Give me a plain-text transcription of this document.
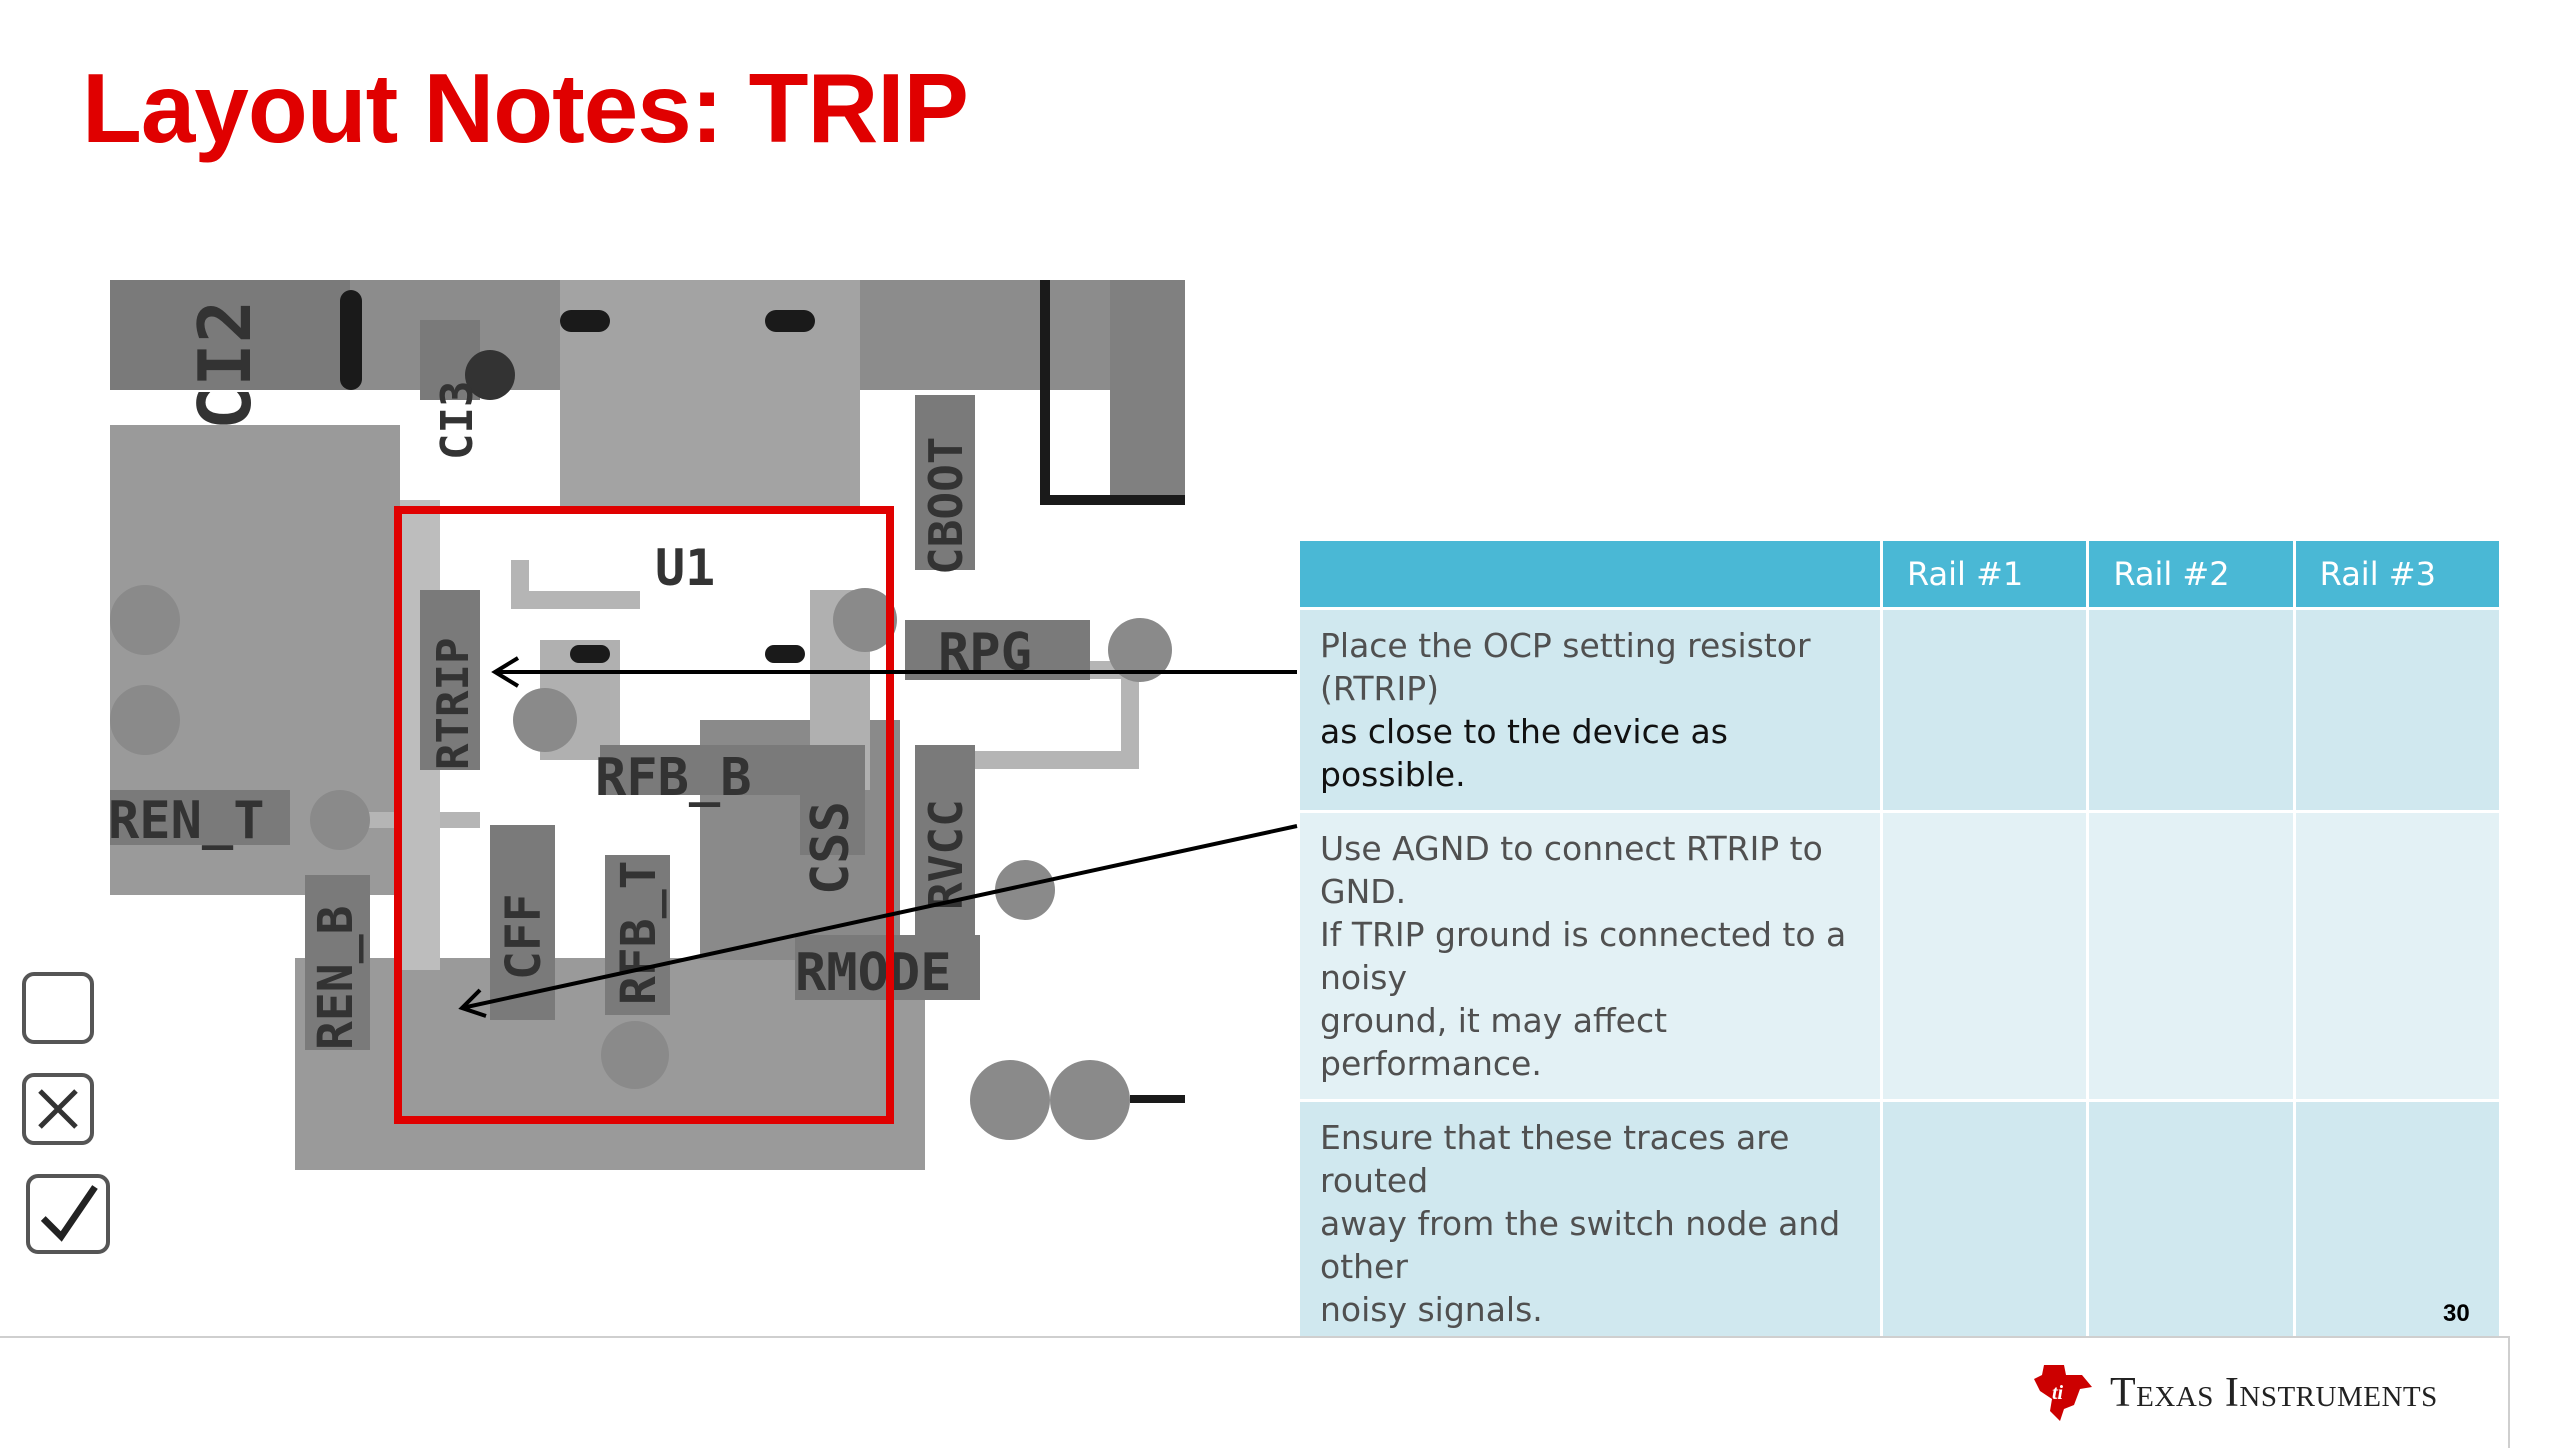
Layout Notes: TRIP
CI2	CI3
CBOOT
U1
RPG
RTRIP
RFB_B
CSS RVCC
REN_T
REN_B	CFF RFB_T RMODE
	Rail #1	Rail #2	Rail #3

Place the OCP setting resistor (RTRIP)
as close to the device as possible.			

Use AGND to connect RTRIP to GND.
If TRIP ground is connected to a noisy
ground, it may affect performance.			

Ensure that these traces are routed
away from the switch node and other
noisy signals.			
				30
ti Texas Instruments
